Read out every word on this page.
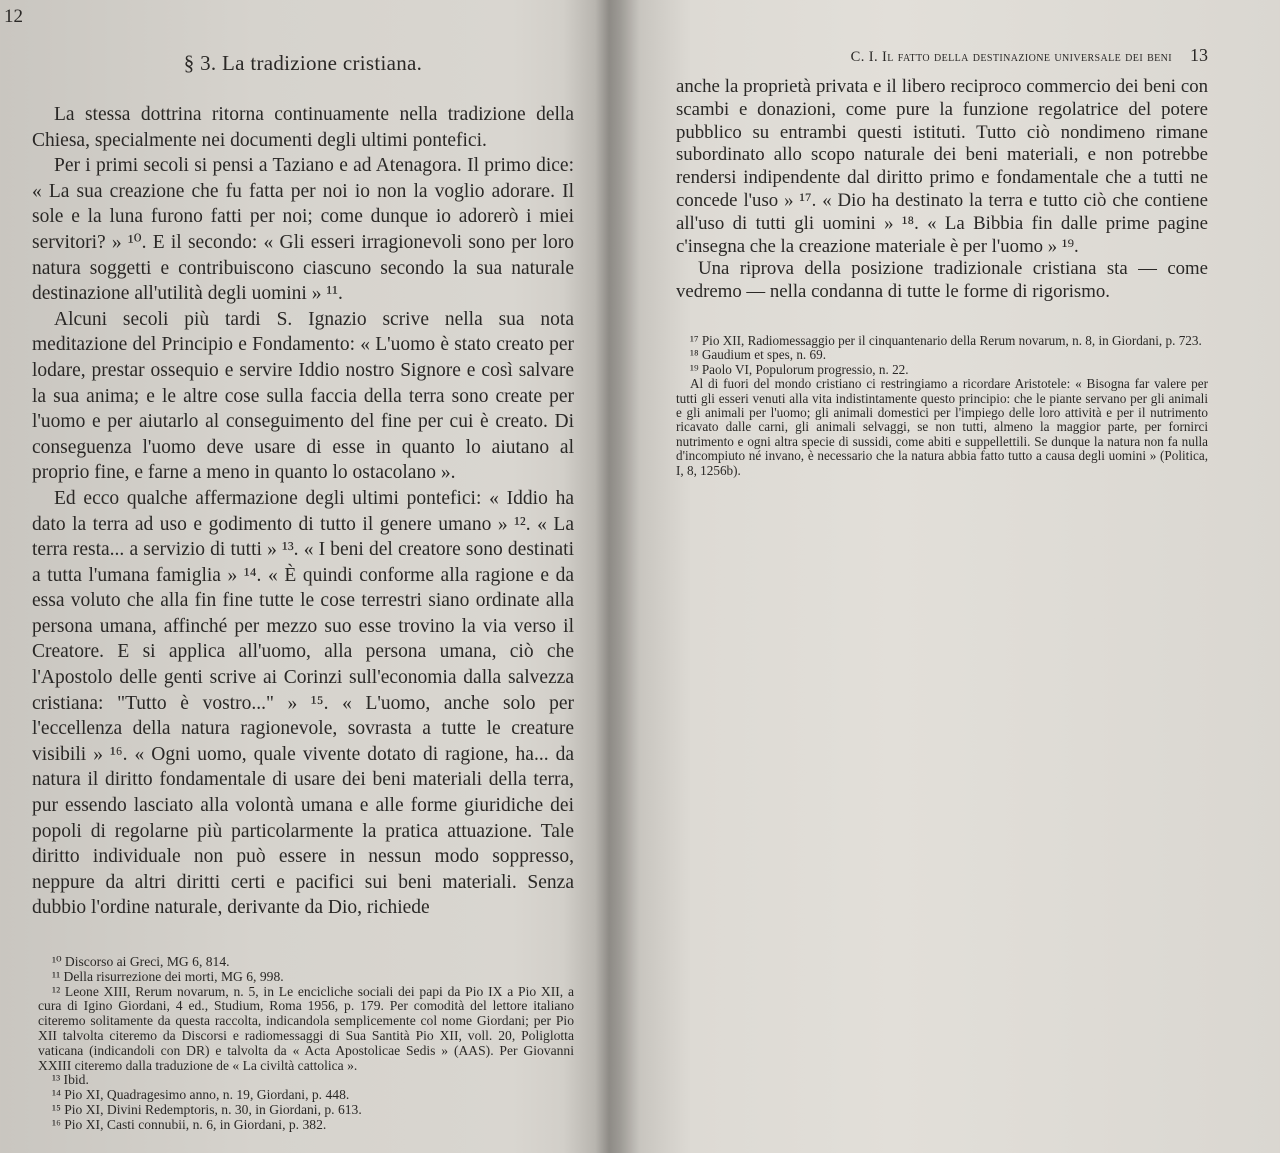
12
§ 3. La tradizione cristiana.

La stessa dottrina ritorna continuamente nella tradizione della Chiesa, specialmente nei documenti degli ultimi pontefici.

Per i primi secoli si pensi a Taziano e ad Atenagora. Il primo dice: « La sua creazione che fu fatta per noi io non la voglio adorare. Il sole e la luna furono fatti per noi; come dunque io adorerò i miei servitori? » ¹⁰. E il secondo: « Gli esseri irragionevoli sono per loro natura soggetti e contribuiscono ciascuno secondo la sua naturale destinazione all'utilità degli uomini » ¹¹.

Alcuni secoli più tardi S. Ignazio scrive nella sua nota meditazione del Principio e Fondamento: « L'uomo è stato creato per lodare, prestar ossequio e servire Iddio nostro Signore e così salvare la sua anima; e le altre cose sulla faccia della terra sono create per l'uomo e per aiutarlo al conseguimento del fine per cui è creato. Di conseguenza l'uomo deve usare di esse in quanto lo aiutano al proprio fine, e farne a meno in quanto lo ostacolano ».

Ed ecco qualche affermazione degli ultimi pontefici: « Iddio ha dato la terra ad uso e godimento di tutto il genere umano » ¹². « La terra resta... a servizio di tutti » ¹³. « I beni del creatore sono destinati a tutta l'umana famiglia » ¹⁴. « È quindi conforme alla ragione e da essa voluto che alla fin fine tutte le cose terrestri siano ordinate alla persona umana, affinché per mezzo suo esse trovino la via verso il Creatore. E si applica all'uomo, alla persona umana, ciò che l'Apostolo delle genti scrive ai Corinzi sull'economia dalla salvezza cristiana: "Tutto è vostro..." » ¹⁵. « L'uomo, anche solo per l'eccellenza della natura ragionevole, sovrasta a tutte le creature visibili » ¹⁶. « Ogni uomo, quale vivente dotato di ragione, ha... da natura il diritto fondamentale di usare dei beni materiali della terra, pur essendo lasciato alla volontà umana e alle forme giuridiche dei popoli di regolarne più particolarmente la pratica attuazione. Tale diritto individuale non può essere in nessun modo soppresso, neppure da altri diritti certi e pacifici sui beni materiali. Senza dubbio l'ordine naturale, derivante da Dio, richiede

¹⁰ Discorso ai Greci, MG 6, 814.

¹¹ Della risurrezione dei morti, MG 6, 998.

¹² Leone XIII, Rerum novarum, n. 5, in Le encicliche sociali dei papi da Pio IX a Pio XII, a cura di Igino Giordani, 4 ed., Studium, Roma 1956, p. 179. Per comodità del lettore italiano citeremo solitamente da questa raccolta, indicandola semplicemente col nome Giordani; per Pio XII talvolta citeremo da Discorsi e radiomessaggi di Sua Santità Pio XII, voll. 20, Poliglotta vaticana (indicandoli con DR) e talvolta da « Acta Apostolicae Sedis » (AAS). Per Giovanni XXIII citeremo dalla traduzione de « La civiltà cattolica ».

¹³ Ibid.

¹⁴ Pio XI, Quadragesimo anno, n. 19, Giordani, p. 448.

¹⁵ Pio XI, Divini Redemptoris, n. 30, in Giordani, p. 613.

¹⁶ Pio XI, Casti connubii, n. 6, in Giordani, p. 382.

C. I. Il fatto della destinazione universale dei beni 13

anche la proprietà privata e il libero reciproco commercio dei beni con scambi e donazioni, come pure la funzione regolatrice del potere pubblico su entrambi questi istituti. Tutto ciò nondimeno rimane subordinato allo scopo naturale dei beni materiali, e non potrebbe rendersi indipendente dal diritto primo e fondamentale che a tutti ne concede l'uso » ¹⁷. « Dio ha destinato la terra e tutto ciò che contiene all'uso di tutti gli uomini » ¹⁸. « La Bibbia fin dalle prime pagine c'insegna che la creazione materiale è per l'uomo » ¹⁹.

Una riprova della posizione tradizionale cristiana sta — come vedremo — nella condanna di tutte le forme di rigorismo.

¹⁷ Pio XII, Radiomessaggio per il cinquantenario della Rerum novarum, n. 8, in Giordani, p. 723.

¹⁸ Gaudium et spes, n. 69.

¹⁹ Paolo VI, Populorum progressio, n. 22.

Al di fuori del mondo cristiano ci restringiamo a ricordare Aristotele: « Bisogna far valere per tutti gli esseri venuti alla vita indistintamente questo principio: che le piante servano per gli animali e gli animali per l'uomo; gli animali domestici per l'impiego delle loro attività e per il nutrimento ricavato dalle carni, gli animali selvaggi, se non tutti, almeno la maggior parte, per fornirci nutrimento e ogni altra specie di sussidi, come abiti e suppellettili. Se dunque la natura non fa nulla d'incompiuto né invano, è necessario che la natura abbia fatto tutto a causa degli uomini » (Politica, I, 8, 1256b).
